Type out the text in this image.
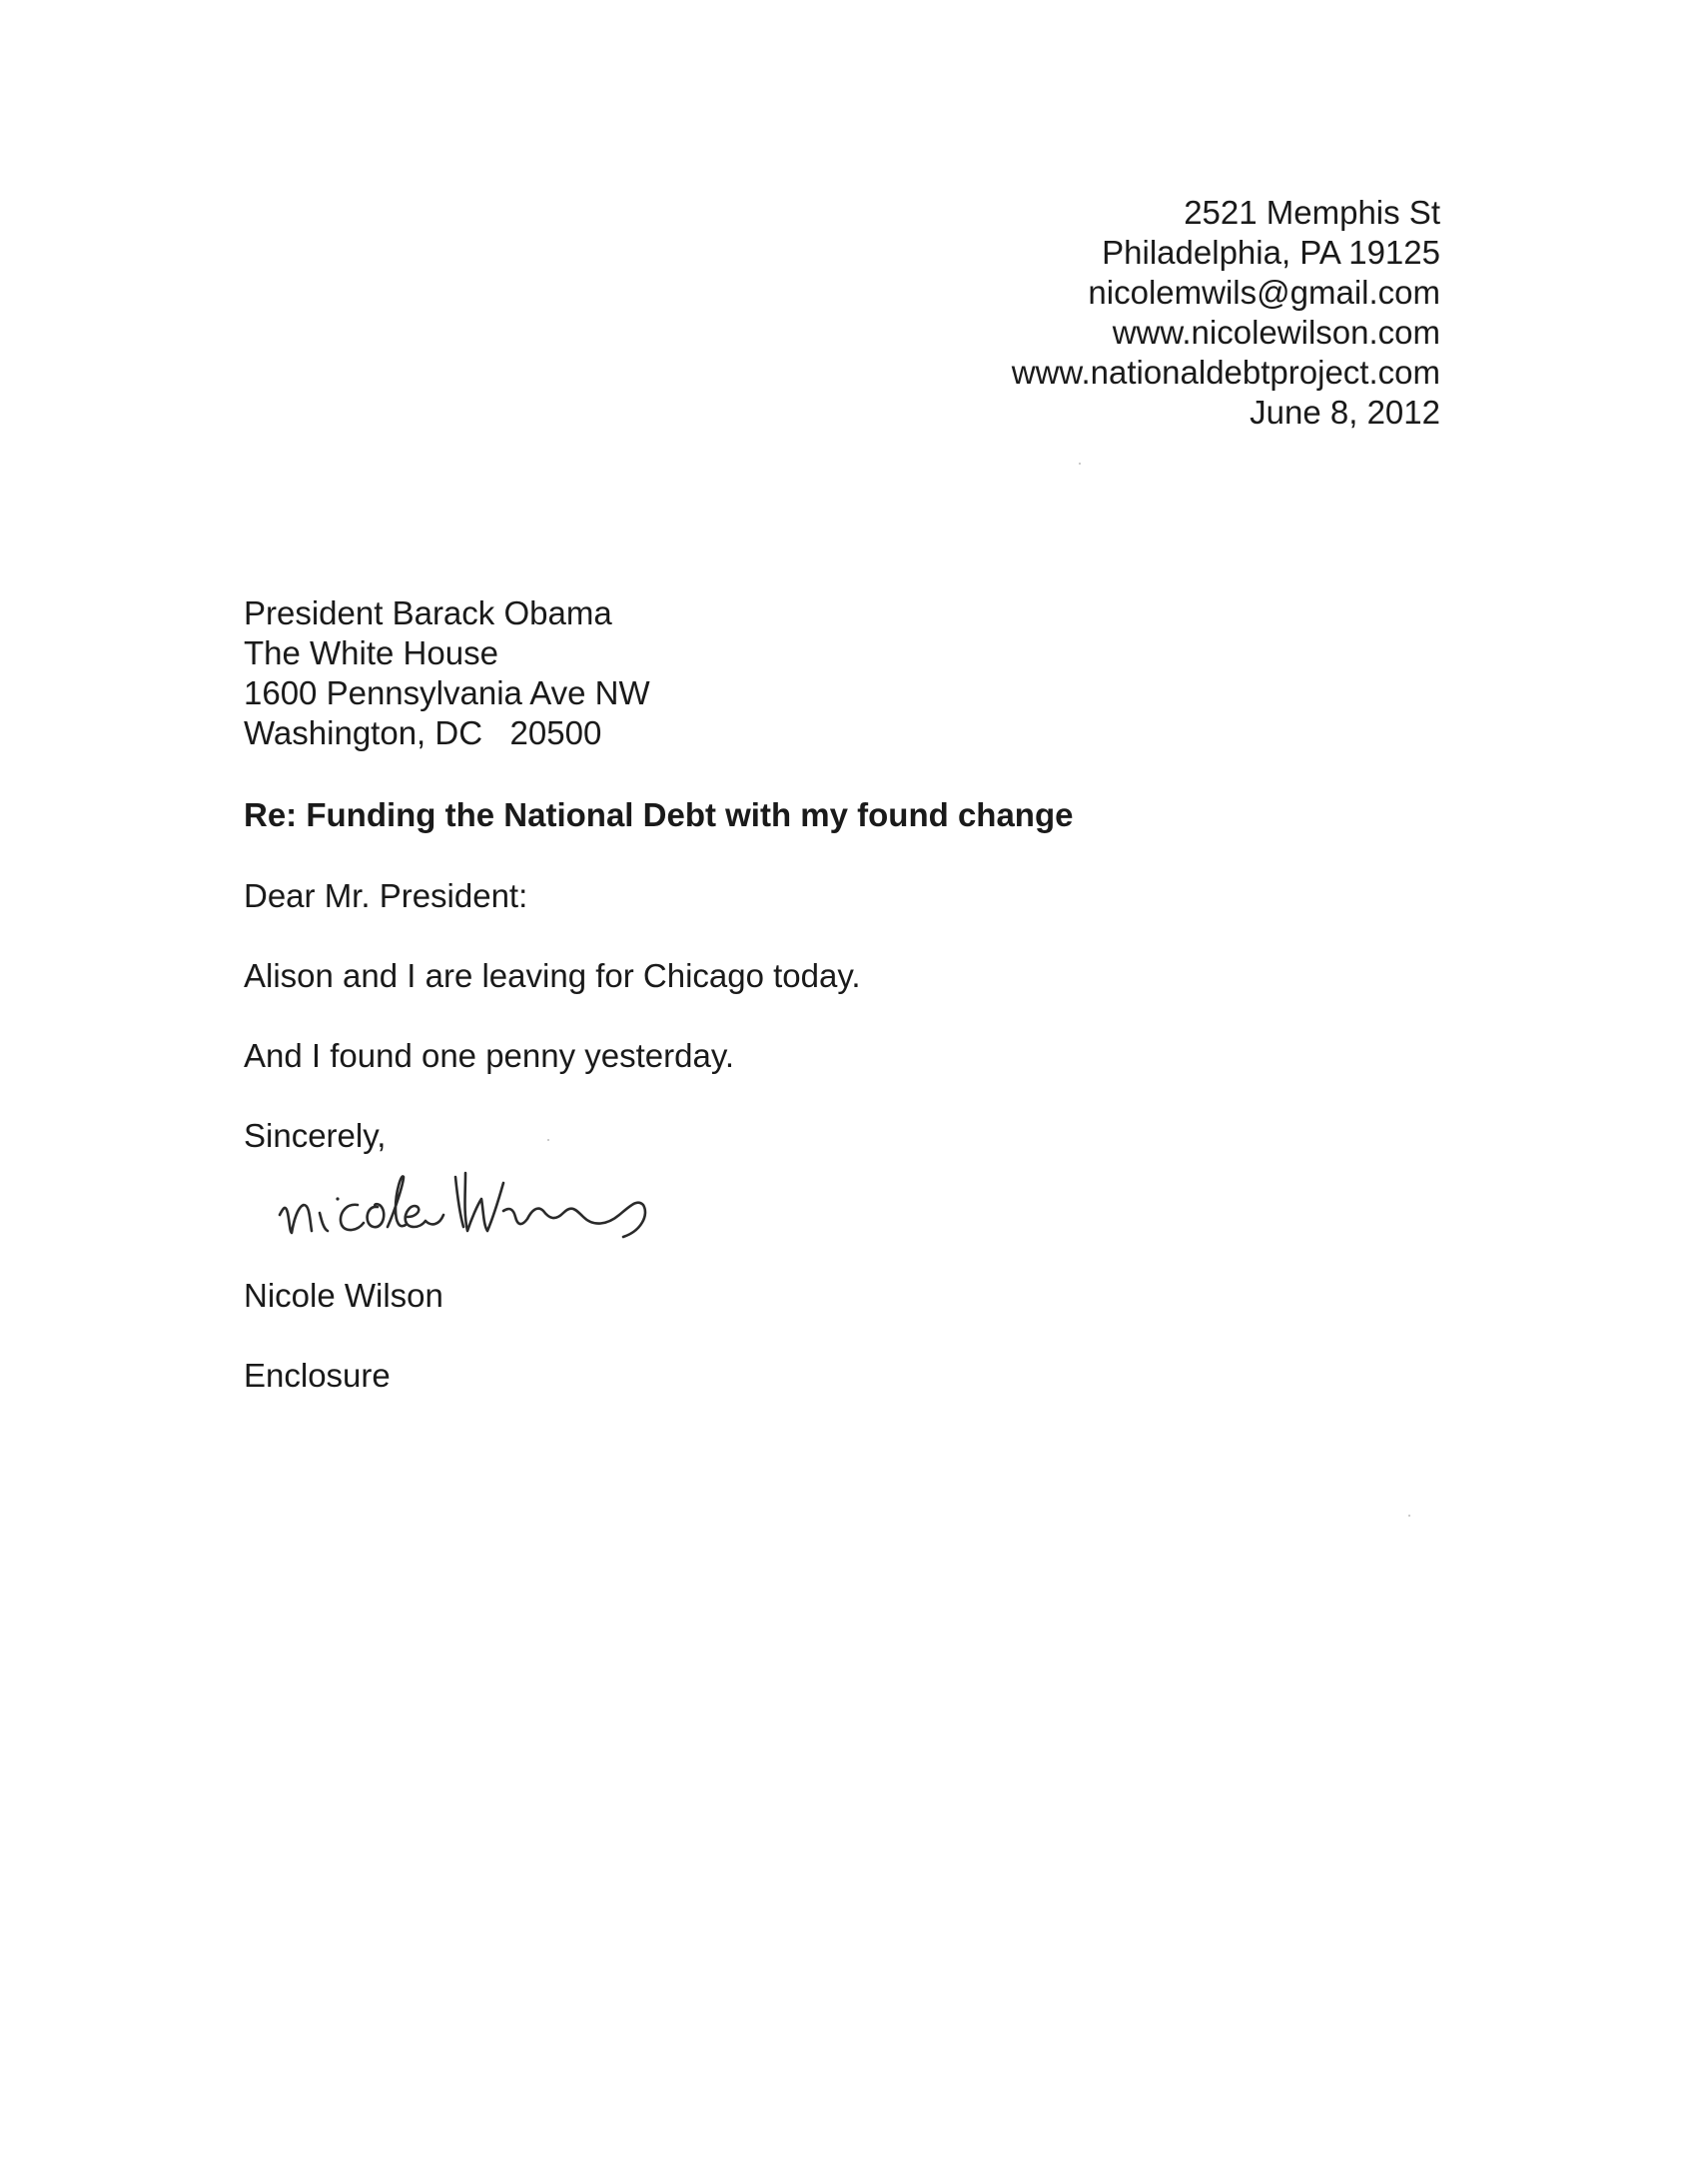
2521 Memphis St
Philadelphia, PA 19125
nicolemwils@gmail.com
www.nicolewilson.com
www.nationaldebtproject.com
June 8, 2012
President Barack Obama
The White House
1600 Pennsylvania Ave NW
Washington, DC   20500
Re: Funding the National Debt with my found change
Dear Mr. President:
Alison and I are leaving for Chicago today.
And I found one penny yesterday.
Sincerely,
Nicole Wilson
Enclosure
